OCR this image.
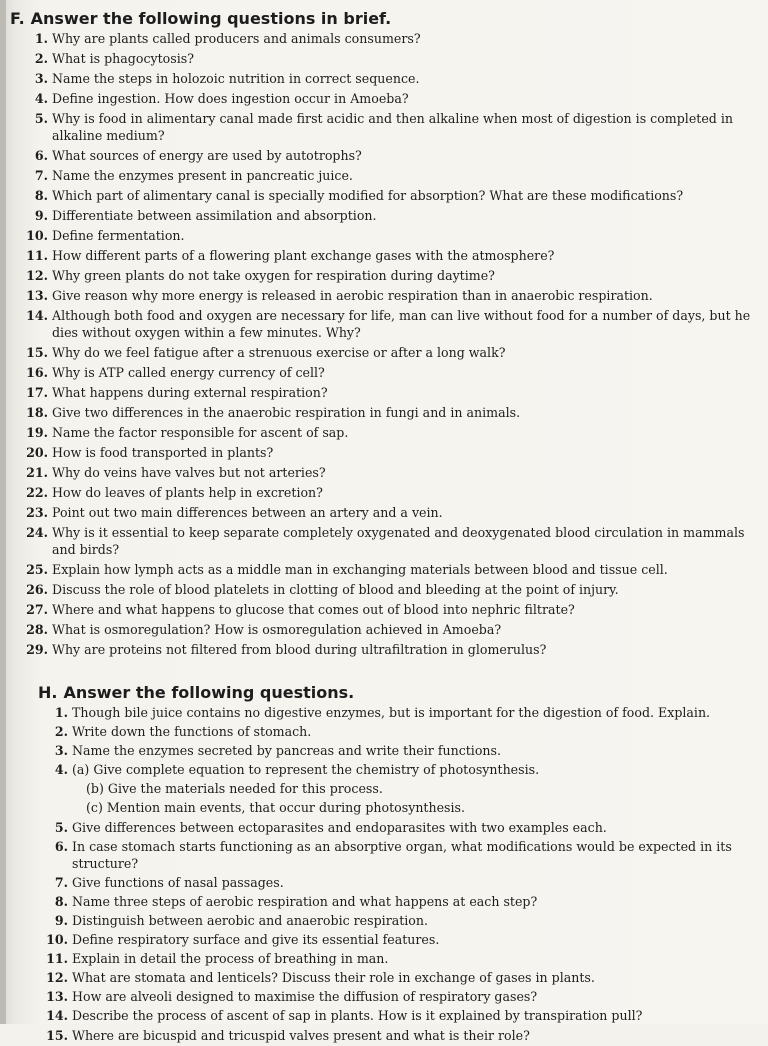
F. Answer the following questions in brief.
1. Why are plants called producers and animals consumers?
2. What is phagocytosis?
3. Name the steps in holozoic nutrition in correct sequence.
4. Define ingestion. How does ingestion occur in Amoeba?
5. Why is food in alimentary canal made first acidic and then alkaline when most of digestion is completed in alkaline medium?
6. What sources of energy are used by autotrophs?
7. Name the enzymes present in pancreatic juice.
8. Which part of alimentary canal is specially modified for absorption? What are these modifications?
9. Differentiate between assimilation and absorption.
10. Define fermentation.
11. How different parts of a flowering plant exchange gases with the atmosphere?
12. Why green plants do not take oxygen for respiration during daytime?
13. Give reason why more energy is released in aerobic respiration than in anaerobic respiration.
14. Although both food and oxygen are necessary for life, man can live without food for a number of days, but he dies without oxygen within a few minutes. Why?
15. Why do we feel fatigue after a strenuous exercise or after a long walk?
16. Why is ATP called energy currency of cell?
17. What happens during external respiration?
18. Give two differences in the anaerobic respiration in fungi and in animals.
19. Name the factor responsible for ascent of sap.
20. How is food transported in plants?
21. Why do veins have valves but not arteries?
22. How do leaves of plants help in excretion?
23. Point out two main differences between an artery and a vein.
24. Why is it essential to keep separate completely oxygenated and deoxygenated blood circulation in mammals and birds?
25. Explain how lymph acts as a middle man in exchanging materials between blood and tissue cell.
26. Discuss the role of blood platelets in clotting of blood and bleeding at the point of injury.
27. Where and what happens to glucose that comes out of blood into nephric filtrate?
28. What is osmoregulation? How is osmoregulation achieved in Amoeba?
29. Why are proteins not filtered from blood during ultrafiltration in glomerulus?
H. Answer the following questions.
1. Though bile juice contains no digestive enzymes, but is important for the digestion of food. Explain.
2. Write down the functions of stomach.
3. Name the enzymes secreted by pancreas and write their functions.
4. (a) Give complete equation to represent the chemistry of photosynthesis.
(b) Give the materials needed for this process.
(c) Mention main events, that occur during photosynthesis.
5. Give differences between ectoparasites and endoparasites with two examples each.
6. In case stomach starts functioning as an absorptive organ, what modifications would be expected in its structure?
7. Give functions of nasal passages.
8. Name three steps of aerobic respiration and what happens at each step?
9. Distinguish between aerobic and anaerobic respiration.
10. Define respiratory surface and give its essential features.
11. Explain in detail the process of breathing in man.
12. What are stomata and lenticels? Discuss their role in exchange of gases in plants.
13. How are alveoli designed to maximise the diffusion of respiratory gases?
14. Describe the process of ascent of sap in plants. How is it explained by transpiration pull?
15. Where are bicuspid and tricuspid valves present and what is their role?
